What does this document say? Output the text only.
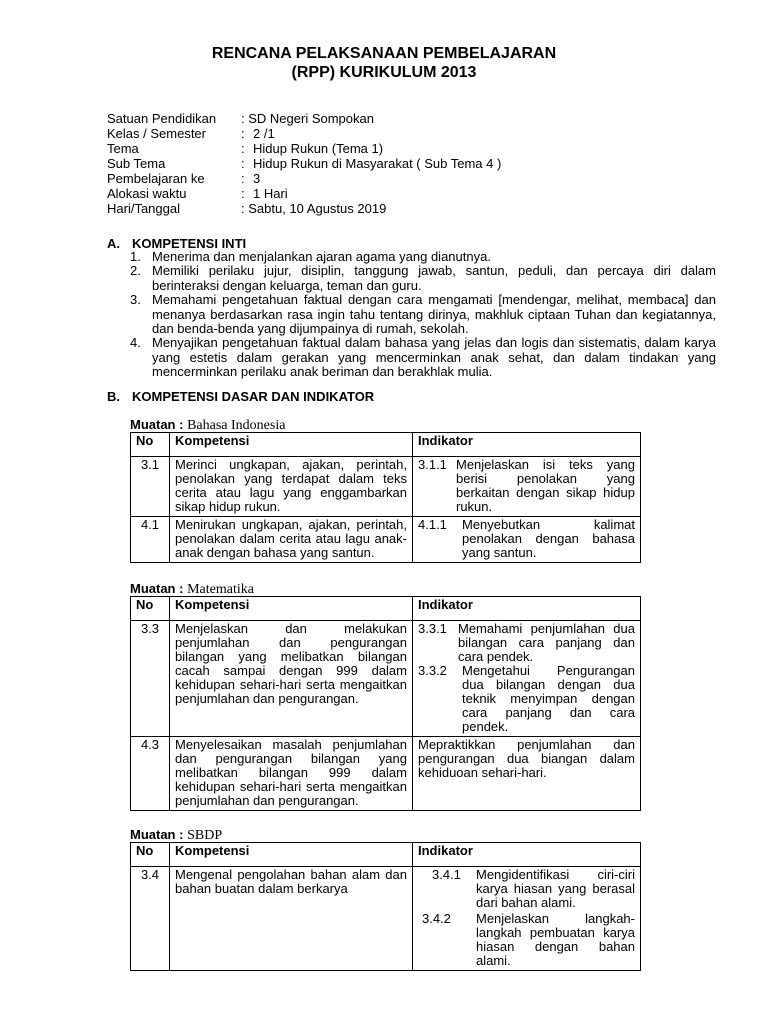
RENCANA PELAKSANAAN PEMBELAJARAN
(RPP) KURIKULUM 2013
Satuan Pendidikan : SD Negeri Sompokan
Kelas / Semester	: 2 /1
Tema	: Hidup Rukun (Tema 1)
Sub Tema	: Hidup Rukun di Masyarakat ( Sub Tema 4 )
Pembelajaran ke	: 3
Alokasi waktu	: 1 Hari
Hari/Tanggal	: Sabtu, 10 Agustus 2019
A. KOMPETENSI INTI
1. Menerima dan menjalankan ajaran agama yang dianutnya.
2. Memiliki perilaku jujur, disiplin, tanggung jawab, santun, peduli, dan percaya diri dalam berinteraksi dengan keluarga, teman dan guru.
3. Memahami pengetahuan faktual dengan cara mengamati [mendengar, melihat, membaca] dan menanya berdasarkan rasa ingin tahu tentang dirinya, makhluk ciptaan Tuhan dan kegiatannya, dan benda-benda yang dijumpainya di rumah, sekolah.
4. Menyajikan pengetahuan faktual dalam bahasa yang jelas dan logis dan sistematis, dalam karya yang estetis dalam gerakan yang mencerminkan anak sehat, dan dalam tindakan yang mencerminkan perilaku anak beriman dan berakhlak mulia.
B. KOMPETENSI DASAR DAN INDIKATOR
Muatan : Bahasa Indonesia
No	Kompetensi	Indikator
3.1	Merinci ungkapan, ajakan, perintah, penolakan yang terdapat dalam teks cerita atau lagu yang enggambarkan sikap hidup rukun.	3.1.1 Menjelaskan isi teks yang berisi penolakan yang berkaitan dengan sikap hidup rukun.

4.1	Menirukan ungkapan, ajakan, perintah, penolakan dalam cerita atau lagu anak-anak dengan bahasa yang santun.	4.1.1 Menyebutkan kalimat penolakan dengan bahasa yang santun.
Muatan : Matematika
No	Kompetensi	Indikator
3.3	Menjelaskan dan melakukan penjumlahan dan pengurangan bilangan yang melibatkan bilangan cacah sampai dengan 999 dalam kehidupan sehari-hari serta mengaitkan penjumlahan dan pengurangan.	3.3.1 Memahami penjumlahan dua bilangan cara panjang dan cara pendek.
3.3.2 Mengetahui Pengurangan dua bilangan dengan dua teknik menyimpan dengan cara panjang dan cara pendek.

4.3	Menyelesaikan masalah penjumlahan dan pengurangan bilangan yang melibatkan bilangan 999 dalam kehidupan sehari-hari serta mengaitkan penjumlahan dan pengurangan.	Mepraktikkan penjumlahan dan pengurangan dua biangan dalam kehiduoan sehari-hari.
Muatan : SBDP
No	Kompetensi	Indikator
3.4	Mengenal pengolahan bahan alam dan bahan buatan dalam berkarya	3.4.1 Mengidentifikasi ciri-ciri karya hiasan yang berasal dari bahan alami.
3.4.2 Menjelaskan langkah-langkah pembuatan karya hiasan dengan bahan alami.
